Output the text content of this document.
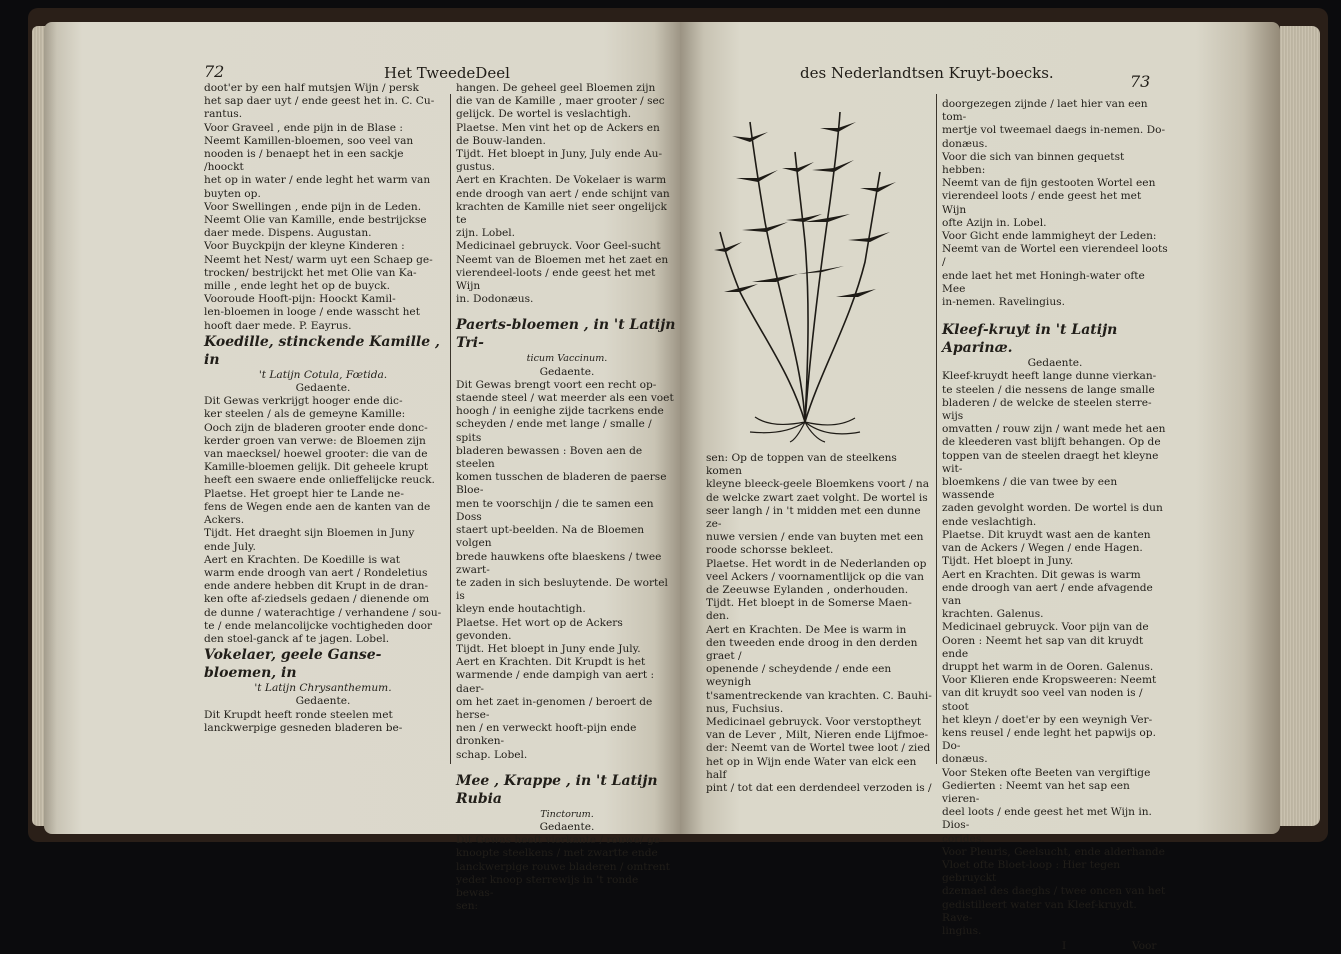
72	Het TweedeDeel

doot'er by een half mutsjen Wijn / persk

het sap daer uyt / ende geest het in. C. Cu-

rantus.

Voor Graveel , ende pijn in de Blase :

Neemt Kamillen-bloemen, soo veel van

nooden is / benaept het in een sackje /hoockt

het op in water / ende leght het warm van

buyten op.

Voor Swellingen , ende pijn in de Leden.

Neemt Olie van Kamille, ende bestrijckse

daer mede. Dispens. Augustan.

Voor Buyckpijn der kleyne Kinderen :

Neemt het Nest/ warm uyt een Schaep ge-

trocken/ bestrijckt het met Olie van Ka-

mille , ende leght het op de buyck.

Vooroude Hooft-pijn: Hoockt Kamil-

len-bloemen in looge / ende wasscht het

hooft daer mede. P. Eayrus.

Koedille, stinckende Kamille , in

't Latijn Cotula, Fœtida.

Gedaente.

Dit Gewas verkrijgt hooger ende dic-

ker steelen / als de gemeyne Kamille:

Ooch zijn de bladeren grooter ende donc-

kerder groen van verwe: de Bloemen zijn

van maecksel/ hoewel grooter: die van de

Kamille-bloemen gelijk. Dit geheele krupt

heeft een swaere ende onlieffelijcke reuck.

Plaetse. Het groept hier te Lande ne-

fens de Wegen ende aen de kanten van de

Ackers.

Tijdt. Het draeght sijn Bloemen in Juny

ende July.

Aert en Krachten. De Koedille is wat

warm ende droogh van aert / Rondeletius

ende andere hebben dit Krupt in de dran-

ken ofte af-ziedsels gedaen / dienende om

de dunne / waterachtige / verhandene / sou-

te / ende melancolijcke vochtigheden door

den stoel-ganck af te jagen. Lobel.

Vokelaer, geele Ganse-bloemen, in

't Latijn Chrysanthemum.

Gedaente.

Dit Krupdt heeft ronde steelen met

lanckwerpige gesneden bladeren be-

hangen. De geheel geel Bloemen zijn

die van de Kamille , maer grooter / sec

gelijck. De wortel is veslachtigh.

Plaetse. Men vint het op de Ackers en

de Bouw-landen.

Tijdt. Het bloept in Juny, July ende Au-

gustus.

Aert en Krachten. De Vokelaer is warm

ende droogh van aert / ende schijnt van

krachten de Kamille niet seer ongelijck te

zijn. Lobel.

Medicinael gebruyck. Voor Geel-sucht

Neemt van de Bloemen met het zaet en

vierendeel-loots / ende geest het met Wijn

in. Dodonæus.

Paerts-bloemen , in 't Latijn Tri-

ticum Vaccinum.

Gedaente.

Dit Gewas brengt voort een recht op-

staende steel / wat meerder als een voet

hoogh / in eenighe zijde tacrkens ende

scheyden / ende met lange / smalle / spits

bladeren bewassen : Boven aen de steelen

komen tusschen de bladeren de paerse Bloe-

men te voorschijn / die te samen een Doss

staert upt-beelden. Na de Bloemen volgen

brede hauwkens ofte blaeskens / twee zwart-

te zaden in sich besluytende. De wortel is

kleyn ende houtachtigh.

Plaetse. Het wort op de Ackers gevonden.

Tijdt. Het bloept in Juny ende July.

Aert en Krachten. Dit Krupdt is het

warmende / ende dampigh van aert : daer-

om het zaet in-genomen / beroert de herse-

nen / en verweckt hooft-pijn ende dronken-

schap. Lobel.

Mee , Krappe , in 't Latijn Rubia

Tinctorum.

Gedaente.

Dit Gewas heeft vierkante / rouwe/ ge-

knoopte steelkens / met zwartte ende

lanckwerpige rouwe bladeren / omtrent

yeder knoop sterrewijs in 't ronde bewas-

sen:

des Nederlandtsen Kruyt-boecks.	73

sen: Op de toppen van de steelkens komen

kleyne bleeck-geele Bloemkens voort / na

de welcke zwart zaet volght. De wortel is

seer langh / in 't midden met een dunne ze-

nuwe versien / ende van buyten met een

roode schorsse bekleet.

Plaetse. Het wordt in de Nederlanden op

veel Ackers / voornamentlijck op die van

de Zeeuwse Eylanden , onderhouden.

Tijdt. Het bloept in de Somerse Maen-

den.

Aert en Krachten. De Mee is warm in

den tweeden ende droog in den derden graet /

openende / scheydende / ende een weynigh

t'samentreckende van krachten. C. Bauhi-

nus, Fuchsius.

Medicinael gebruyck. Voor verstoptheyt

van de Lever , Milt, Nieren ende Lijfmoe-

der: Neemt van de Wortel twee loot / zied

het op in Wijn ende Water van elck een half

pint / tot dat een derdendeel verzoden is /

doorgezegen zijnde / laet hier van een tom-

mertje vol tweemael daegs in-nemen. Do-

donæus.

Voor die sich van binnen gequetst hebben:

Neemt van de fijn gestooten Wortel een

vierendeel loots / ende geest het met Wijn

ofte Azijn in. Lobel.

Voor Gicht ende lammigheyt der Leden:

Neemt van de Wortel een vierendeel loots /

ende laet het met Honingh-water ofte Mee

in-nemen. Ravelingius.

Kleef-kruyt in 't Latijn Aparinæ.

Gedaente.

Kleef-kruydt heeft lange dunne vierkan-

te steelen / die nessens de lange smalle

bladeren / de welcke de steelen sterre-wijs

omvatten / rouw zijn / want mede het aen

de kleederen vast blijft behangen. Op de

toppen van de steelen draegt het kleyne wit-

bloemkens / die van twee by een wassende

zaden gevolght worden. De wortel is dun

ende veslachtigh.

Plaetse. Dit kruydt wast aen de kanten

van de Ackers / Wegen / ende Hagen.

Tijdt. Het bloept in Juny.

Aert en Krachten. Dit gewas is warm

ende droogh van aert / ende afvagende van

krachten. Galenus.

Medicinael gebruyck. Voor pijn van de

Ooren : Neemt het sap van dit kruydt ende

druppt het warm in de Ooren. Galenus.

Voor Klieren ende Kropsweeren: Neemt

van dit kruydt soo veel van noden is / stoot

het kleyn / doet'er by een weynigh Ver-

kens reusel / ende leght het papwijs op. Do-

donæus.

Voor Steken ofte Beeten van vergiftige

Gedierten : Neemt van het sap een vieren-

deel loots / ende geest het met Wijn in. Dios-

corides.

Voor Pleuris, Geelsucht, ende alderhande

Vloet ofte Bloet-loop : Hier tegen gebruyckt

dzemael des daeghs / twee oncen van het

gedistilleert water van Kleef-kruydt. Rave-

lingius.

I	Voor
